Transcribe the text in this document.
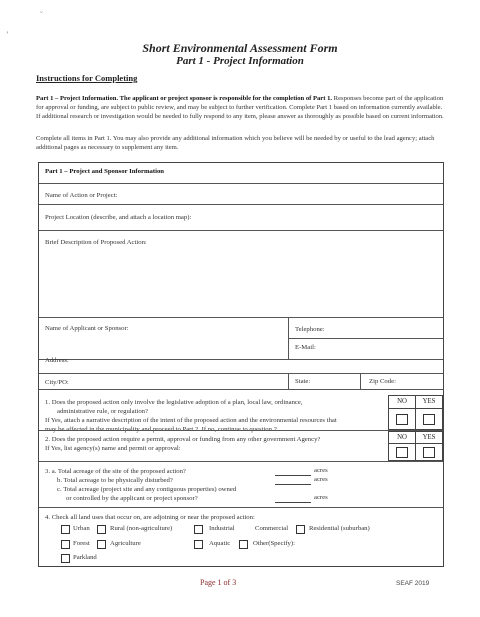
˘
ʼ
Short Environmental Assessment Form
Part 1 - Project Information
Instructions for Completing
Part 1 – Project Information. The applicant or project sponsor is responsible for the completion of Part 1. Responses become part of the application for approval or funding, are subject to public review, and may be subject to further verification. Complete Part 1 based on information currently available. If additional research or investigation would be needed to fully respond to any item, please answer as thoroughly as possible based on current information.
Complete all items in Part 1. You may also provide any additional information which you believe will be needed by or useful to the lead agency; attach additional pages as necessary to supplement any item.
Part 1 – Project and Sponsor Information
Name of Action or Project:
Project Location (describe, and attach a location map):
Brief Description of Proposed Action:
Name of Applicant or Sponsor:	Telephone:
E-Mail:
Address:
City/PO:	State:	Zip Code:
1. Does the proposed action only involve the legislative adoption of a plan, local law, ordinance,
administrative rule, or regulation?
If Yes, attach a narrative description of the intent of the proposed action and the environmental resources that
may be affected in the municipality and proceed to Part 2. If no, continue to question 2.
NO	YES
2. Does the proposed action require a permit, approval or funding from any other government Agency?
If Yes, list agency(s) name and permit or approval:
NO	YES
3. a. Total acreage of the site of the proposed action?	acres
b. Total acreage to be physically disturbed?	acres
c. Total acreage (project site and any contiguous properties) owned
or controlled by the applicant or project sponsor?	acres
4. Check all land uses that occur on, are adjoining or near the proposed action:
Urban	Rural (non-agriculture)	Industrial	Commercial	Residential (suburban)
Forest	Agriculture	Aquatic	Other(Specify):
Parkland
Page 1 of 3	SEAF 2019
